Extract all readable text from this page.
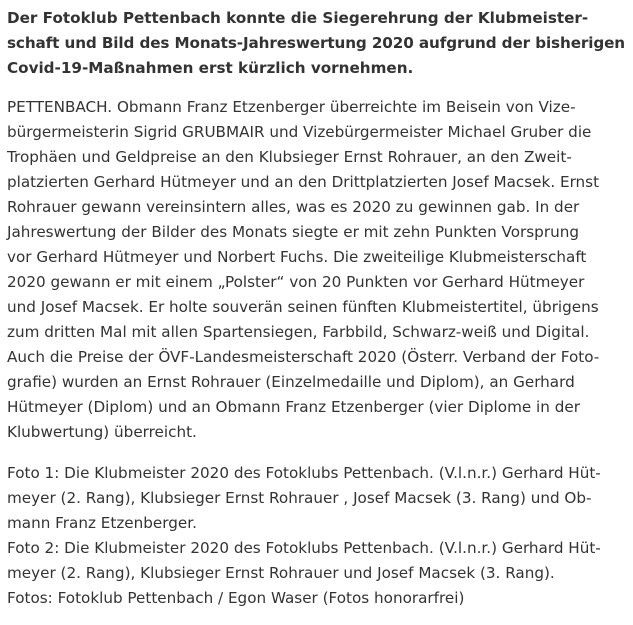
Der Fotoklub Pettenbach konnte die Siegerehrung der Klubmeister-
schaft und Bild des Monats-Jahreswertung 2020 aufgrund der bisherigen
Covid-19-Maßnahmen erst kürzlich vornehmen.

PETTENBACH. Obmann Franz Etzenberger überreichte im Beisein von Vize-
bürgermeisterin Sigrid GRUBMAIR und Vizebürgermeister Michael Gruber die
Trophäen und Geldpreise an den Klubsieger Ernst Rohrauer, an den Zweit-
platzierten Gerhard Hütmeyer und an den Drittplatzierten Josef Macsek. Ernst
Rohrauer gewann vereinsintern alles, was es 2020 zu gewinnen gab. In der
Jahreswertung der Bilder des Monats siegte er mit zehn Punkten Vorsprung
vor Gerhard Hütmeyer und Norbert Fuchs. Die zweiteilige Klubmeisterschaft
2020 gewann er mit einem „Polster“ von 20 Punkten vor Gerhard Hütmeyer
und Josef Macsek. Er holte souverän seinen fünften Klubmeistertitel, übrigens
zum dritten Mal mit allen Spartensiegen, Farbbild, Schwarz-weiß und Digital.
Auch die Preise der ÖVF-Landesmeisterschaft 2020 (Österr. Verband der Foto-
grafie) wurden an Ernst Rohrauer (Einzelmedaille und Diplom), an Gerhard
Hütmeyer (Diplom) und an Obmann Franz Etzenberger (vier Diplome in der
Klubwertung) überreicht.

Foto 1: Die Klubmeister 2020 des Fotoklubs Pettenbach. (V.l.n.r.) Gerhard Hüt-
meyer (2. Rang), Klubsieger Ernst Rohrauer , Josef Macsek (3. Rang) und Ob-
mann Franz Etzenberger.

Foto 2: Die Klubmeister 2020 des Fotoklubs Pettenbach. (V.l.n.r.) Gerhard Hüt-
meyer (2. Rang), Klubsieger Ernst Rohrauer und Josef Macsek (3. Rang).

Fotos: Fotoklub Pettenbach / Egon Waser (Fotos honorarfrei)
